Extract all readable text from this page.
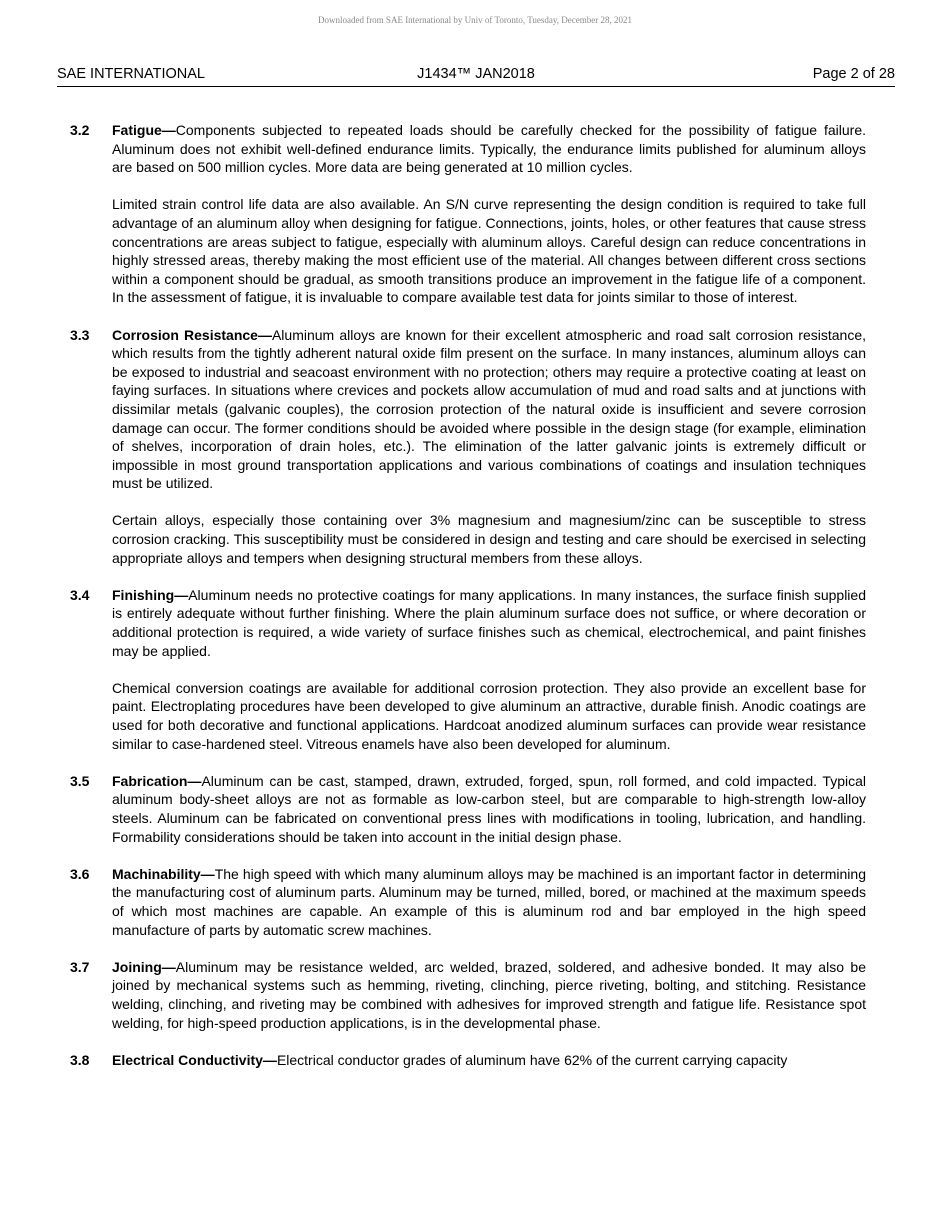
Downloaded from SAE International by Univ of Toronto, Tuesday, December 28, 2021
SAE INTERNATIONAL	J1434™ JAN2018	Page 2 of 28
3.2 Fatigue—Components subjected to repeated loads should be carefully checked for the possibility of fatigue failure. Aluminum does not exhibit well-defined endurance limits. Typically, the endurance limits published for aluminum alloys are based on 500 million cycles. More data are being generated at 10 million cycles.

Limited strain control life data are also available. An S/N curve representing the design condition is required to take full advantage of an aluminum alloy when designing for fatigue. Connections, joints, holes, or other features that cause stress concentrations are areas subject to fatigue, especially with aluminum alloys. Careful design can reduce concentrations in highly stressed areas, thereby making the most efficient use of the material. All changes between different cross sections within a component should be gradual, as smooth transitions produce an improvement in the fatigue life of a component. In the assessment of fatigue, it is invaluable to compare available test data for joints similar to those of interest.

3.3 Corrosion Resistance—Aluminum alloys are known for their excellent atmospheric and road salt corrosion resistance, which results from the tightly adherent natural oxide film present on the surface. In many instances, aluminum alloys can be exposed to industrial and seacoast environment with no protection; others may require a protective coating at least on faying surfaces. In situations where crevices and pockets allow accumulation of mud and road salts and at junctions with dissimilar metals (galvanic couples), the corrosion protection of the natural oxide is insufficient and severe corrosion damage can occur. The former conditions should be avoided where possible in the design stage (for example, elimination of shelves, incorporation of drain holes, etc.). The elimination of the latter galvanic joints is extremely difficult or impossible in most ground transportation applications and various combinations of coatings and insulation techniques must be utilized.

Certain alloys, especially those containing over 3% magnesium and magnesium/zinc can be susceptible to stress corrosion cracking. This susceptibility must be considered in design and testing and care should be exercised in selecting appropriate alloys and tempers when designing structural members from these alloys.

3.4 Finishing—Aluminum needs no protective coatings for many applications. In many instances, the surface finish supplied is entirely adequate without further finishing. Where the plain aluminum surface does not suffice, or where decoration or additional protection is required, a wide variety of surface finishes such as chemical, electrochemical, and paint finishes may be applied.

Chemical conversion coatings are available for additional corrosion protection. They also provide an excellent base for paint. Electroplating procedures have been developed to give aluminum an attractive, durable finish. Anodic coatings are used for both decorative and functional applications. Hardcoat anodized aluminum surfaces can provide wear resistance similar to case-hardened steel. Vitreous enamels have also been developed for aluminum.

3.5 Fabrication—Aluminum can be cast, stamped, drawn, extruded, forged, spun, roll formed, and cold impacted. Typical aluminum body-sheet alloys are not as formable as low-carbon steel, but are comparable to high-strength low-alloy steels. Aluminum can be fabricated on conventional press lines with modifications in tooling, lubrication, and handling. Formability considerations should be taken into account in the initial design phase.

3.6 Machinability—The high speed with which many aluminum alloys may be machined is an important factor in determining the manufacturing cost of aluminum parts. Aluminum may be turned, milled, bored, or machined at the maximum speeds of which most machines are capable. An example of this is aluminum rod and bar employed in the high speed manufacture of parts by automatic screw machines.

3.7 Joining—Aluminum may be resistance welded, arc welded, brazed, soldered, and adhesive bonded. It may also be joined by mechanical systems such as hemming, riveting, clinching, pierce riveting, bolting, and stitching. Resistance welding, clinching, and riveting may be combined with adhesives for improved strength and fatigue life. Resistance spot welding, for high-speed production applications, is in the developmental phase.

3.8 Electrical Conductivity—Electrical conductor grades of aluminum have 62% of the current carrying capacity
